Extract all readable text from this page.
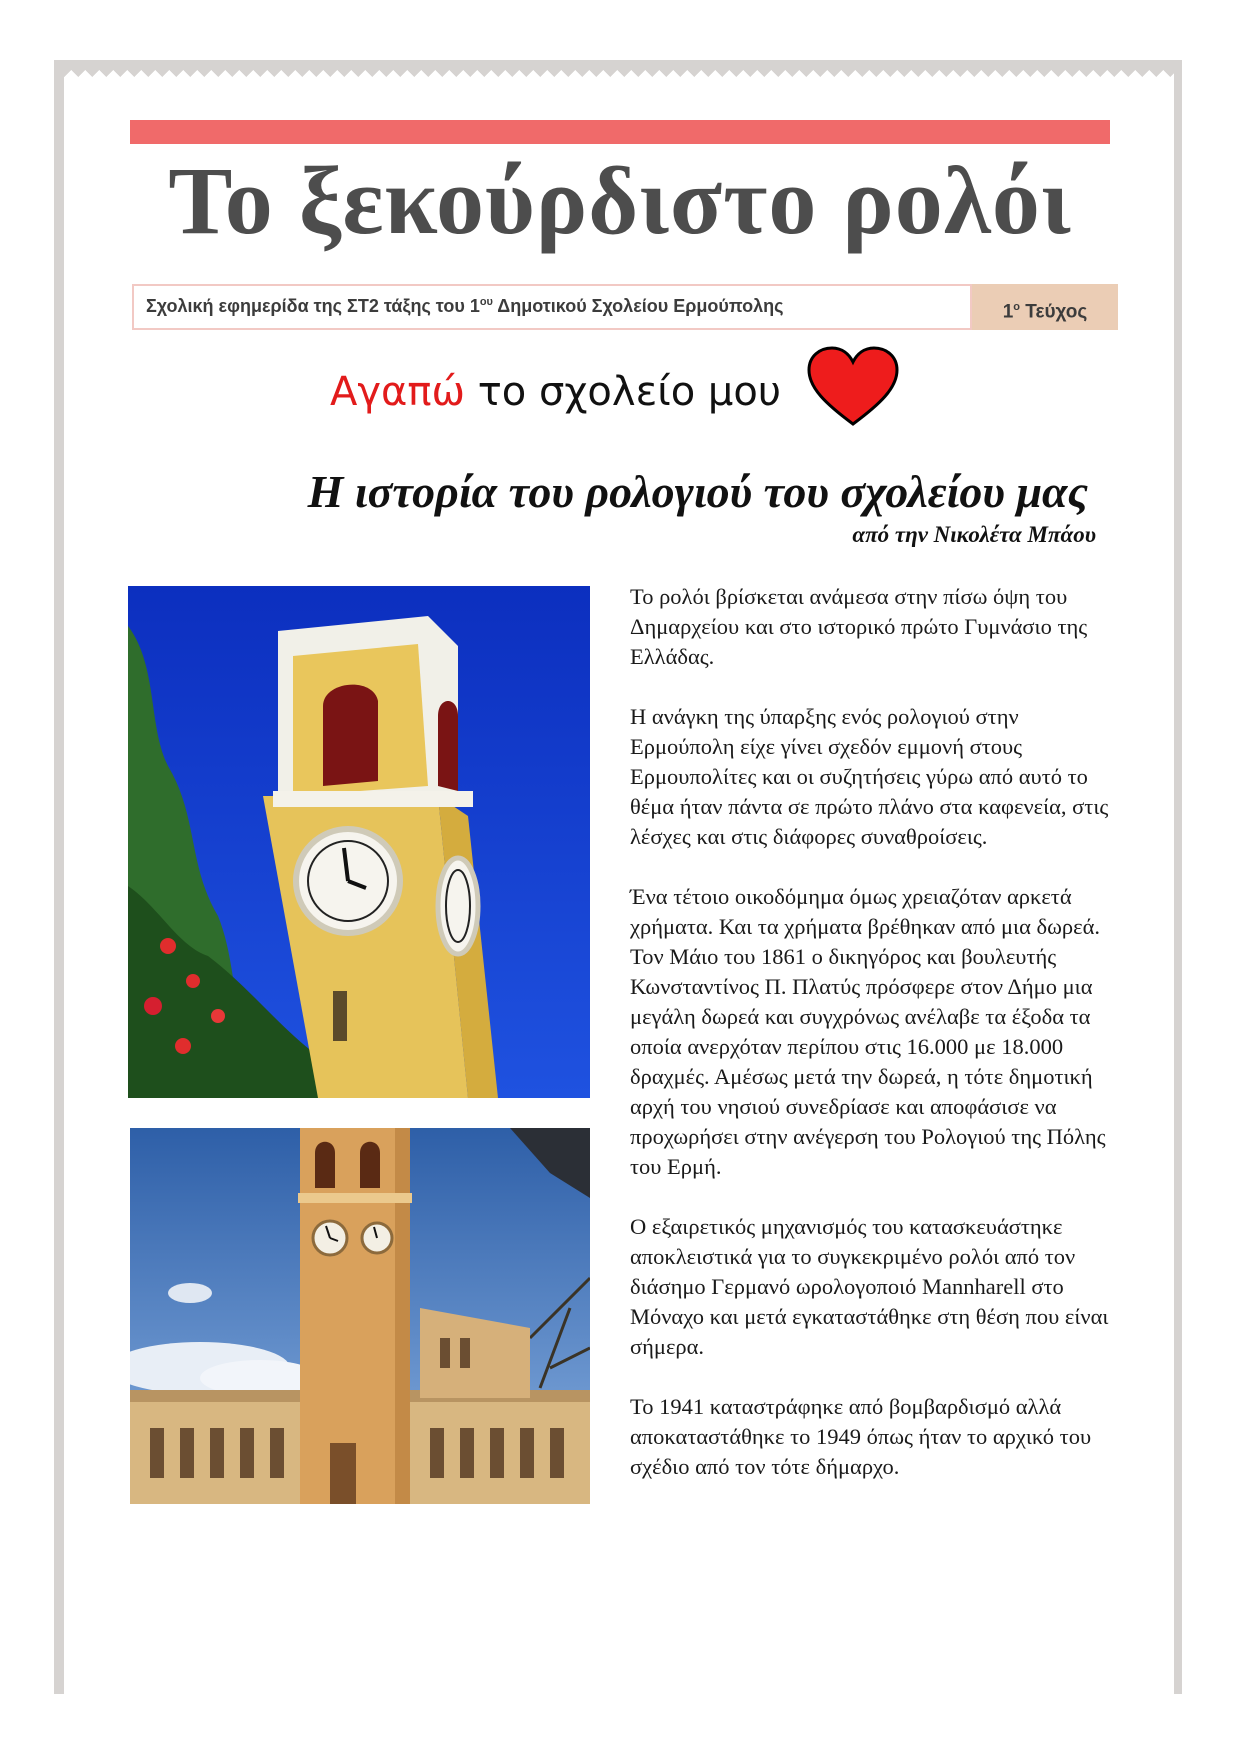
Το ξεκούρδιστο ρολόι
Σχολική εφημερίδα της ΣΤ2 τάξης του $1^{o\upsilon}$ Δημοτικού Σχολείου Ερμούπολης	$1^o$ Τεύχος
Αγαπώ το σχολείο μου
Η ιστορία του ρολογιού του σχολείου μας
από την Νικολέτα Μπάου

Το ρολόι βρίσκεται ανάμεσα στην πίσω όψη του Δημαρχείου και στο ιστορικό πρώτο Γυμνάσιο της Ελλάδας.

Η ανάγκη της ύπαρξης ενός ρολογιού στην Ερμούπολη είχε γίνει σχεδόν εμμονή στους Ερμουπολίτες και οι συζητήσεις γύρω από αυτό το θέμα ήταν πάντα σε πρώτο πλάνο στα καφενεία, στις λέσχες και στις διάφορες συναθροίσεις.

Ένα τέτοιο οικοδόμημα όμως χρειαζόταν αρκετά χρήματα. Και τα χρήματα βρέθηκαν από μια δωρεά. Τον Μάιο του 1861 ο δικηγόρος και βουλευτής Κωνσταντίνος Π. Πλατύς πρόσφερε στον Δήμο μια μεγάλη δωρεά και συγχρόνως ανέλαβε τα έξοδα τα οποία ανερχόταν περίπου στις 16.000 με 18.000 δραχμές. Αμέσως μετά την δωρεά, η τότε δημοτική αρχή του νησιού συνεδρίασε και αποφάσισε να προχωρήσει στην ανέγερση του Ρολογιού της Πόλης του Ερμή.

Ο εξαιρετικός μηχανισμός του κατασκευάστηκε αποκλειστικά για το συγκεκριμένο ρολόι από τον διάσημο Γερμανό ωρολογοποιό Mannharell στο Μόναχο και μετά εγκαταστάθηκε στη θέση που είναι σήμερα.

Το 1941 καταστράφηκε από βομβαρδισμό αλλά αποκαταστάθηκε το 1949 όπως ήταν το αρχικό του σχέδιο από τον τότε δήμαρχο.
